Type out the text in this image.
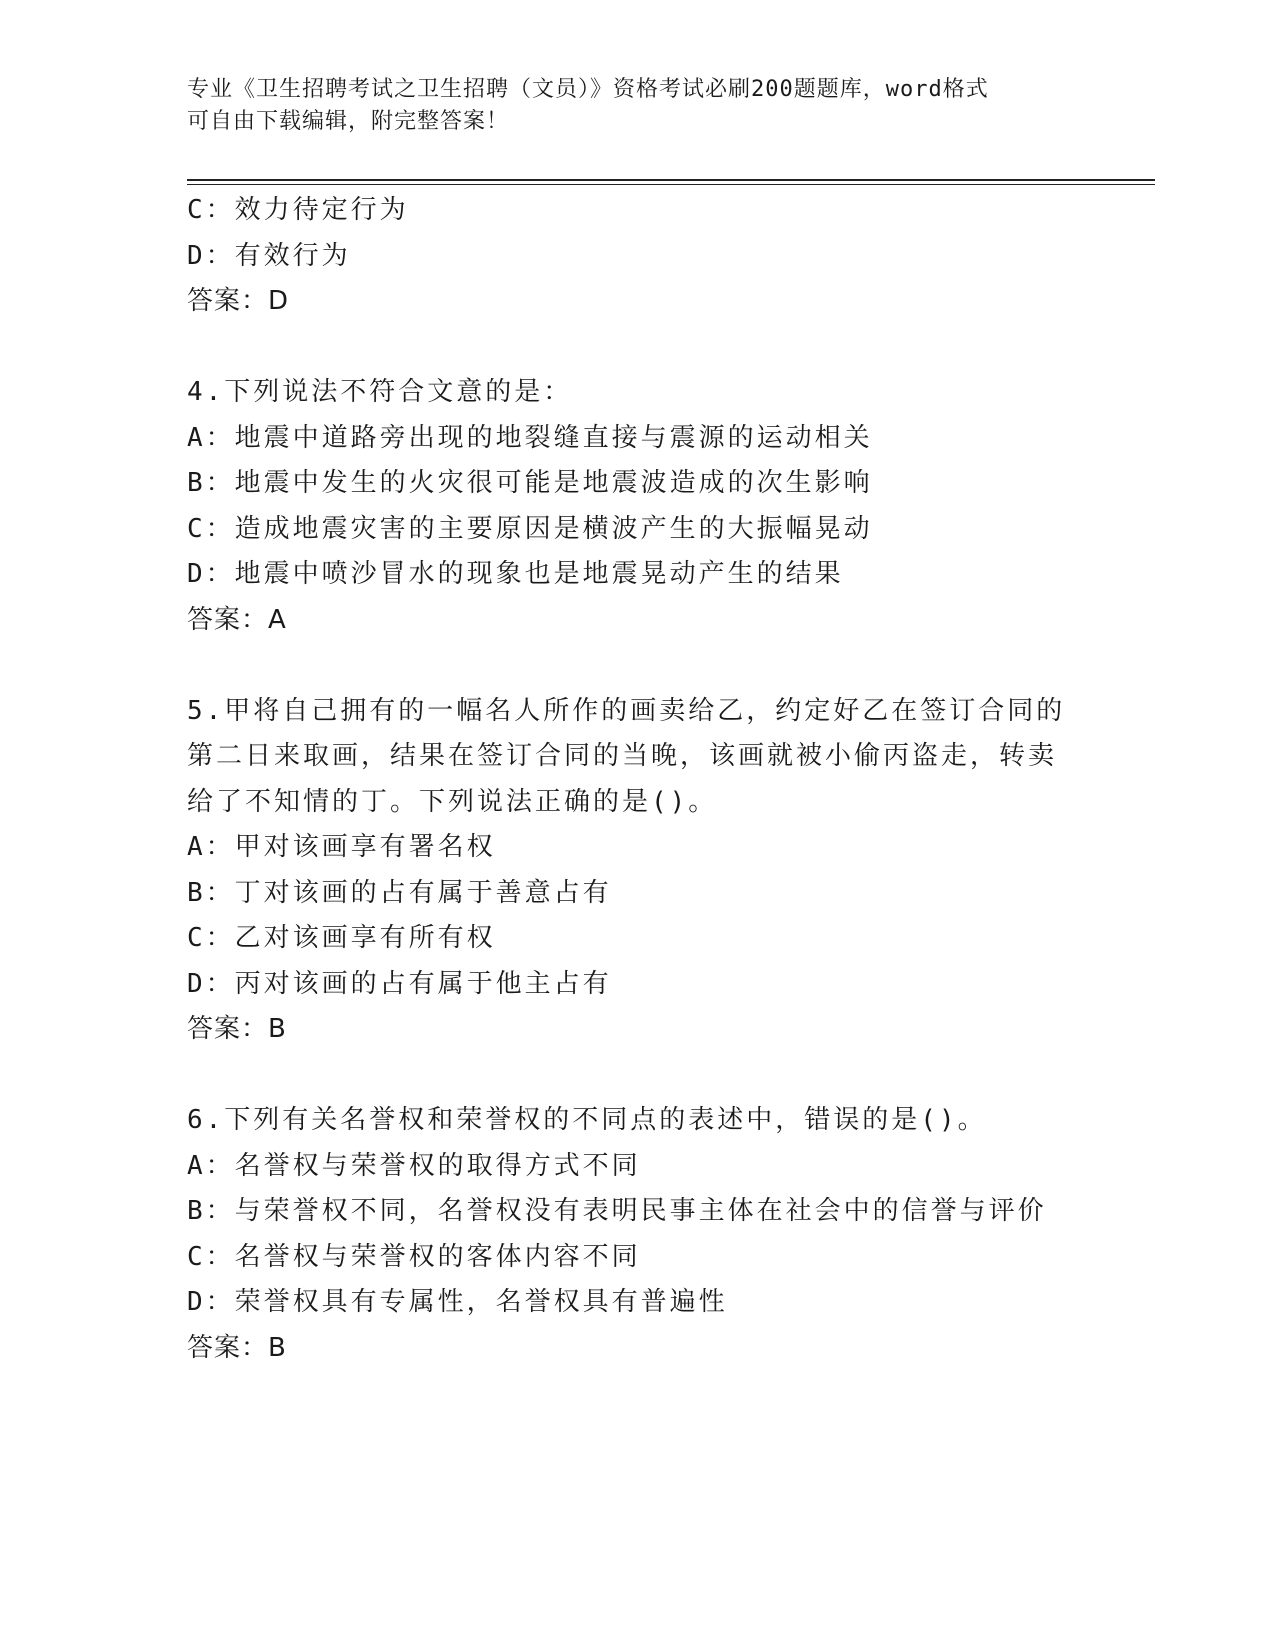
专业《卫生招聘考试之卫生招聘（文员）》资格考试必刷200题题库，word格式
可自由下载编辑，附完整答案！
C：效力待定行为
D：有效行为
答案：D
4.下列说法不符合文意的是：
A：地震中道路旁出现的地裂缝直接与震源的运动相关
B：地震中发生的火灾很可能是地震波造成的次生影响
C：造成地震灾害的主要原因是横波产生的大振幅晃动
D：地震中喷沙冒水的现象也是地震晃动产生的结果
答案：A
5.甲将自己拥有的一幅名人所作的画卖给乙，约定好乙在签订合同的
第二日来取画，结果在签订合同的当晚，该画就被小偷丙盗走，转卖
给了不知情的丁。下列说法正确的是()。
A：甲对该画享有署名权
B：丁对该画的占有属于善意占有
C：乙对该画享有所有权
D：丙对该画的占有属于他主占有
答案：B
6.下列有关名誉权和荣誉权的不同点的表述中，错误的是()。
A：名誉权与荣誉权的取得方式不同
B：与荣誉权不同，名誉权没有表明民事主体在社会中的信誉与评价
C：名誉权与荣誉权的客体内容不同
D：荣誉权具有专属性，名誉权具有普遍性
答案：B
